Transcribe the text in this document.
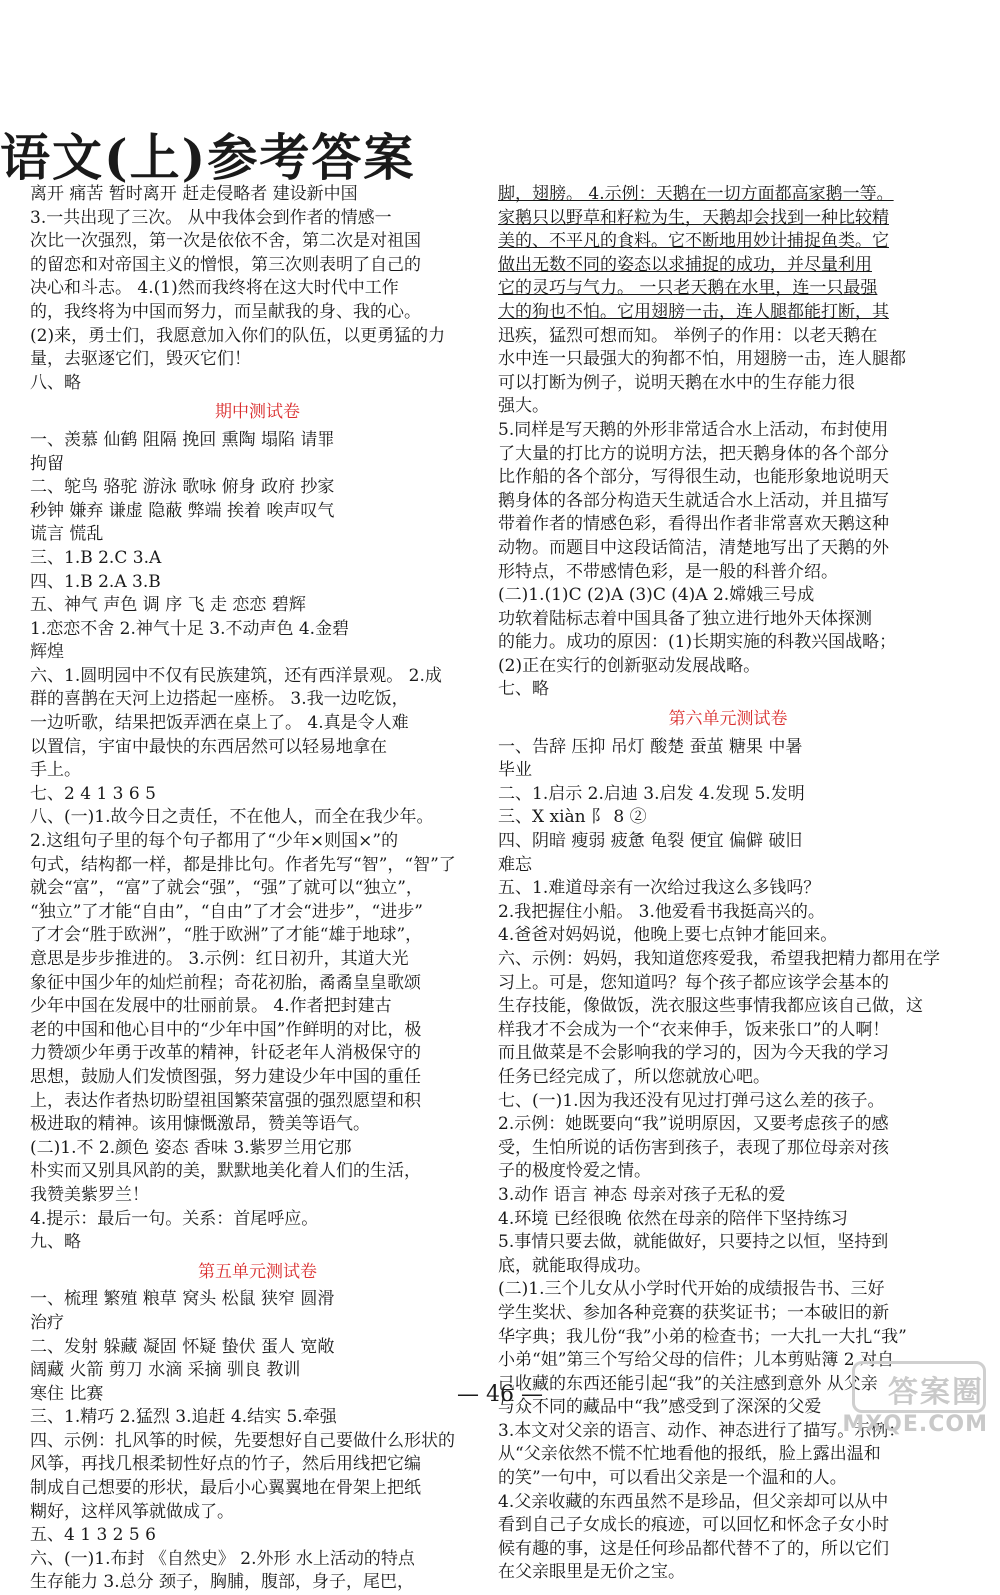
语文(上)参考答案
离开 痛苦 暂时离开 赶走侵略者 建设新中国
3.一共出现了三次。 从中我体会到作者的情感一
次比一次强烈，第一次是依依不舍，第二次是对祖国
的留恋和对帝国主义的憎恨，第三次则表明了自己的
决心和斗志。 4.(1)然而我终将在这大时代中工作
的，我终将为中国而努力，而呈献我的身、我的心。
(2)来，勇士们，我愿意加入你们的队伍，以更勇猛的力
量，去驱逐它们，毁灭它们！
八、略
期中测试卷
一、羡慕 仙鹤 阻隔 挽回 熏陶 塌陷 请罪
拘留
二、鸵鸟 骆驼 游泳 歌咏 俯身 政府 抄家
秒钟 嫌弃 谦虚 隐蔽 弊端 挨着 唉声叹气
谎言 慌乱
三、1.B 2.C 3.A
四、1.B 2.A 3.B
五、神气 声色 调 序 飞 走 恋恋 碧辉
1.恋恋不舍 2.神气十足 3.不动声色 4.金碧
辉煌
六、1.圆明园中不仅有民族建筑，还有西洋景观。 2.成
群的喜鹊在天河上边搭起一座桥。 3.我一边吃饭，
一边听歌，结果把饭弄洒在桌上了。 4.真是令人难
以置信，宇宙中最快的东西居然可以轻易地拿在
手上。
七、2 4 1 3 6 5
八、(一)1.故今日之责任，不在他人，而全在我少年。
2.这组句子里的每个句子都用了“少年×则国×”的
句式，结构都一样，都是排比句。作者先写“智”，“智”了
就会“富”，“富”了就会“强”，“强”了就可以“独立”，
“独立”了才能“自由”，“自由”了才会“进步”，“进步”
了才会“胜于欧洲”，“胜于欧洲”了才能“雄于地球”，
意思是步步推进的。 3.示例：红日初升，其道大光
象征中国少年的灿烂前程；奇花初胎，矞矞皇皇歌颂
少年中国在发展中的壮丽前景。 4.作者把封建古
老的中国和他心目中的“少年中国”作鲜明的对比，极
力赞颂少年勇于改革的精神，针砭老年人消极保守的
思想，鼓励人们发愤图强，努力建设少年中国的重任
上，表达作者热切盼望祖国繁荣富强的强烈愿望和积
极进取的精神。该用慷慨激昂，赞美等语气。
(二)1.不 2.颜色 姿态 香味 3.紫罗兰用它那
朴实而又别具风韵的美，默默地美化着人们的生活，
我赞美紫罗兰！
4.提示：最后一句。关系：首尾呼应。
九、略
第五单元测试卷
一、梳理 繁殖 粮草 窝头 松鼠 狭窄 圆滑
治疗
二、发射 躲藏 凝固 怀疑 蛰伏 蛋人 宽敞
阔藏 火箭 剪刀 水滴 采摘 驯良 教训
寒住 比赛
三、1.精巧 2.猛烈 3.追赶 4.结实 5.牵强
四、示例：扎风筝的时候，先要想好自己要做什么形状的
风筝，再找几根柔韧性好点的竹子，然后用线把它编
制成自己想要的形状，最后小心翼翼地在骨架上把纸
糊好，这样风筝就做成了。
五、4 1 3 2 5 6
六、(一)1.布封 《自然史》 2.外形 水上活动的特点
生存能力 3.总分 颈子，胸脯，腹部，身子，尾巴，
脚，翅膀。 4.示例：天鹅在一切方面都高家鹅一等。
家鹅只以野草和籽粒为生，天鹅却会找到一种比较精
美的、不平凡的食料。它不断地用妙计捕捉鱼类。它
做出无数不同的姿态以求捕捉的成功，并尽量利用
它的灵巧与气力。 一只老天鹅在水里，连一只最强
大的狗也不怕。它用翅膀一击，连人腿都能打断，其
迅疾，猛烈可想而知。 举例子的作用：以老天鹅在
水中连一只最强大的狗都不怕，用翅膀一击，连人腿都
可以打断为例子，说明天鹅在水中的生存能力很
强大。
5.同样是写天鹅的外形非常适合水上活动，布封使用
了大量的打比方的说明方法，把天鹅身体的各个部分
比作船的各个部分，写得很生动，也能形象地说明天
鹅身体的各部分构造天生就适合水上活动，并且描写
带着作者的情感色彩，看得出作者非常喜欢天鹅这种
动物。而题目中这段话简洁，清楚地写出了天鹅的外
形特点，不带感情色彩，是一般的科普介绍。
(二)1.(1)C (2)A (3)C (4)A 2.嫦娥三号成
功软着陆标志着中国具备了独立进行地外天体探测
的能力。成功的原因：(1)长期实施的科教兴国战略；
(2)正在实行的创新驱动发展战略。
七、略
第六单元测试卷
一、告辞 压抑 吊灯 酸楚 蚕茧 糖果 中暑
毕业
二、1.启示 2.启迪 3.启发 4.发现 5.发明
三、X xiàn 阝 8 ②
四、阴暗 瘦弱 疲惫 龟裂 便宜 偏僻 破旧
难忘
五、1.难道母亲有一次给过我这么多钱吗？
2.我把握住小船。 3.他爱看书我挺高兴的。
4.爸爸对妈妈说，他晚上要七点钟才能回来。
六、示例：妈妈，我知道您疼爱我，希望我把精力都用在学
习上。可是，您知道吗？每个孩子都应该学会基本的
生存技能，像做饭，洗衣服这些事情我都应该自己做，这
样我才不会成为一个“衣来伸手，饭来张口”的人啊！
而且做菜是不会影响我的学习的，因为今天我的学习
任务已经完成了，所以您就放心吧。
七、(一)1.因为我还没有见过打弹弓这么差的孩子。
2.示例：她既要向“我”说明原因，又要考虑孩子的感
受，生怕所说的话伤害到孩子，表现了那位母亲对孩
子的极度怜爱之情。
3.动作 语言 神态 母亲对孩子无私的爱
4.环境 已经很晚 依然在母亲的陪伴下坚持练习
5.事情只要去做，就能做好，只要持之以恒，坚持到
底，就能取得成功。
(二)1.三个儿女从小学时代开始的成绩报告书、三好
学生奖状、参加各种竞赛的获奖证书；一本破旧的新
华字典；我儿份“我”小弟的检查书；一大扎一大扎“我”
小弟“姐”第三个写给父母的信件；儿本剪贴簿 2.对自
己收藏的东西还能引起“我”的关注感到意外 从父亲
与众不同的藏品中“我”感受到了深深的父爱
3.本文对父亲的语言、动作、神态进行了描写。示例：
从“父亲依然不慌不忙地看他的报纸，脸上露出温和
的笑”一句中，可以看出父亲是一个温和的人。
4.父亲收藏的东西虽然不是珍品，但父亲却可以从中
看到自己子女成长的痕迹，可以回忆和怀念子女小时
候有趣的事，这是任何珍品都代替不了的，所以它们
在父亲眼里是无价之宝。
— 46 —	答案圈
MXQE.COM
